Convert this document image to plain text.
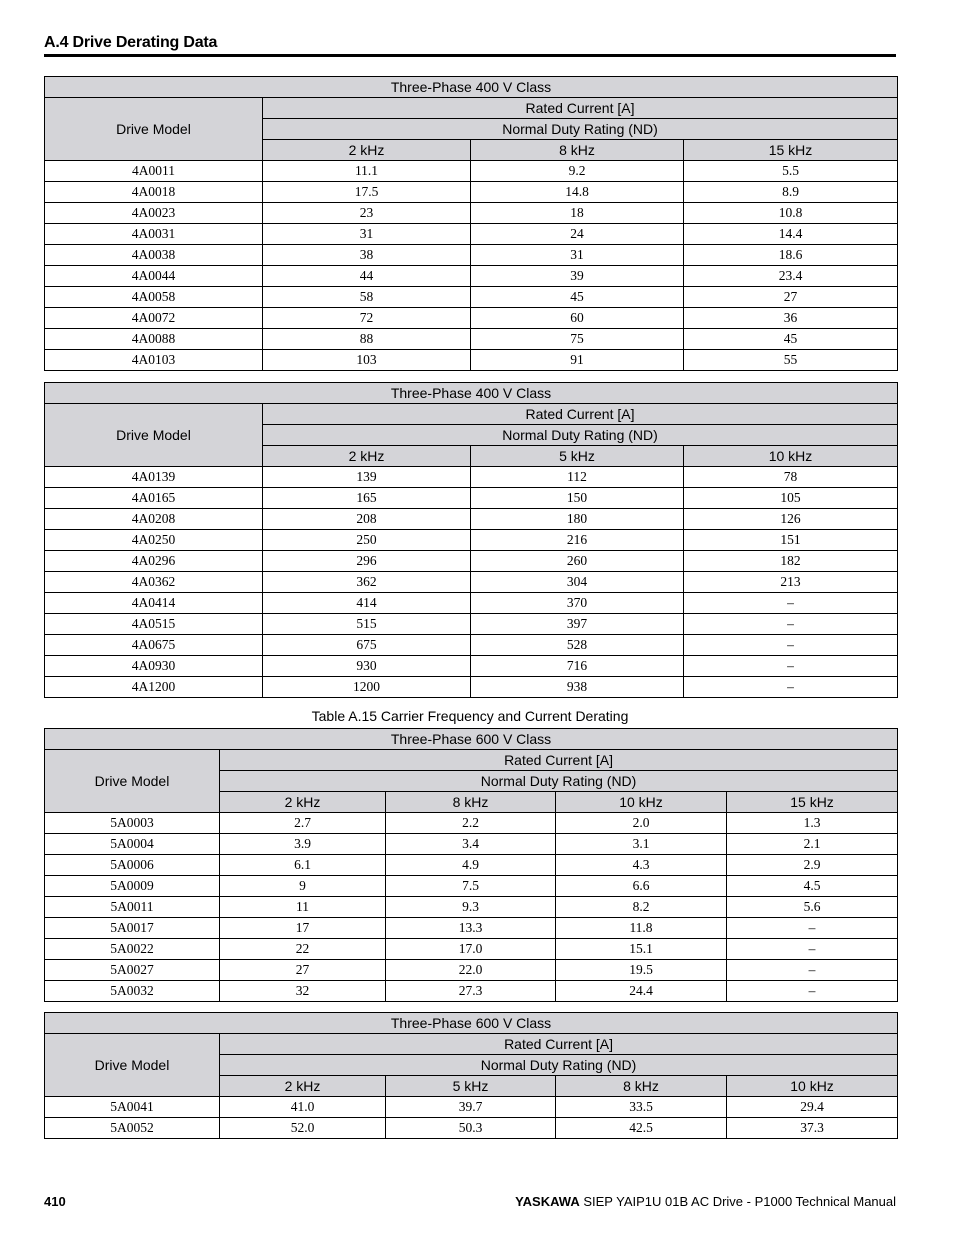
A.4 Drive Derating Data
Three-Phase 400 V Class			
Drive Model	Rated Current [A]		
	Normal Duty Rating (ND)		
	2 kHz	8 kHz	15 kHz
4A0011	11.1	9.2	5.5
4A0018	17.5	14.8	8.9
4A0023	23	18	10.8
4A0031	31	24	14.4
4A0038	38	31	18.6
4A0044	44	39	23.4
4A0058	58	45	27
4A0072	72	60	36
4A0088	88	75	45
4A0103	103	91	55
Three-Phase 400 V Class			
Drive Model	Rated Current [A]		
	Normal Duty Rating (ND)		
	2 kHz	5 kHz	10 kHz
4A0139	139	112	78
4A0165	165	150	105
4A0208	208	180	126
4A0250	250	216	151
4A0296	296	260	182
4A0362	362	304	213
4A0414	414	370	–
4A0515	515	397	–
4A0675	675	528	–
4A0930	930	716	–
4A1200	1200	938	–
Table A.15 Carrier Frequency and Current Derating
Three-Phase 600 V Class				
Drive Model	Rated Current [A]			
	Normal Duty Rating (ND)			
	2 kHz	8 kHz	10 kHz	15 kHz
5A0003	2.7	2.2	2.0	1.3
5A0004	3.9	3.4	3.1	2.1
5A0006	6.1	4.9	4.3	2.9
5A0009	9	7.5	6.6	4.5
5A0011	11	9.3	8.2	5.6
5A0017	17	13.3	11.8	–
5A0022	22	17.0	15.1	–
5A0027	27	22.0	19.5	–
5A0032	32	27.3	24.4	–
Three-Phase 600 V Class				
Drive Model	Rated Current [A]			
	Normal Duty Rating (ND)			
	2 kHz	5 kHz	8 kHz	10 kHz
5A0041	41.0	39.7	33.5	29.4
5A0052	52.0	50.3	42.5	37.3
410	YASKAWA SIEP YAIP1U 01B AC Drive - P1000 Technical Manual
